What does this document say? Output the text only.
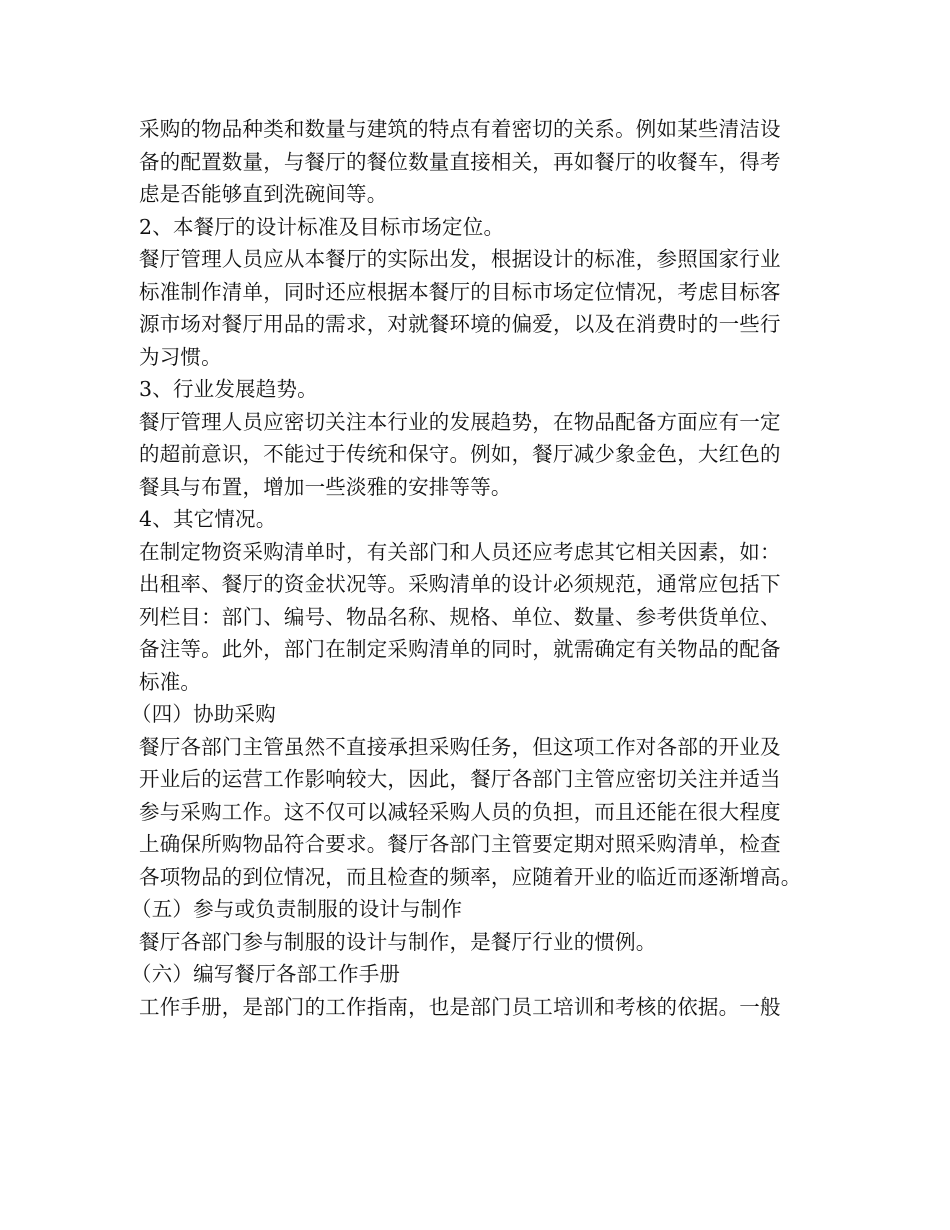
采购的物品种类和数量与建筑的特点有着密切的关系。例如某些清洁设
备的配置数量，与餐厅的餐位数量直接相关，再如餐厅的收餐车，得考
虑是否能够直到洗碗间等。
2、本餐厅的设计标准及目标市场定位。
餐厅管理人员应从本餐厅的实际出发，根据设计的标准，参照国家行业
标准制作清单，同时还应根据本餐厅的目标市场定位情况，考虑目标客
源市场对餐厅用品的需求，对就餐环境的偏爱，以及在消费时的一些行
为习惯。
3、行业发展趋势。
餐厅管理人员应密切关注本行业的发展趋势，在物品配备方面应有一定
的超前意识，不能过于传统和保守。例如，餐厅减少象金色，大红色的
餐具与布置，增加一些淡雅的安排等等。
4、其它情况。
在制定物资采购清单时，有关部门和人员还应考虑其它相关因素，如：
出租率、餐厅的资金状况等。采购清单的设计必须规范，通常应包括下
列栏目：部门、编号、物品名称、规格、单位、数量、参考供货单位、
备注等。此外，部门在制定采购清单的同时，就需确定有关物品的配备
标准。
（四）协助采购
餐厅各部门主管虽然不直接承担采购任务，但这项工作对各部的开业及
开业后的运营工作影响较大，因此，餐厅各部门主管应密切关注并适当
参与采购工作。这不仅可以减轻采购人员的负担，而且还能在很大程度
上确保所购物品符合要求。餐厅各部门主管要定期对照采购清单，检查
各项物品的到位情况，而且检查的频率，应随着开业的临近而逐渐增高。
（五）参与或负责制服的设计与制作
餐厅各部门参与制服的设计与制作，是餐厅行业的惯例。
（六）编写餐厅各部工作手册
工作手册，是部门的工作指南，也是部门员工培训和考核的依据。一般
